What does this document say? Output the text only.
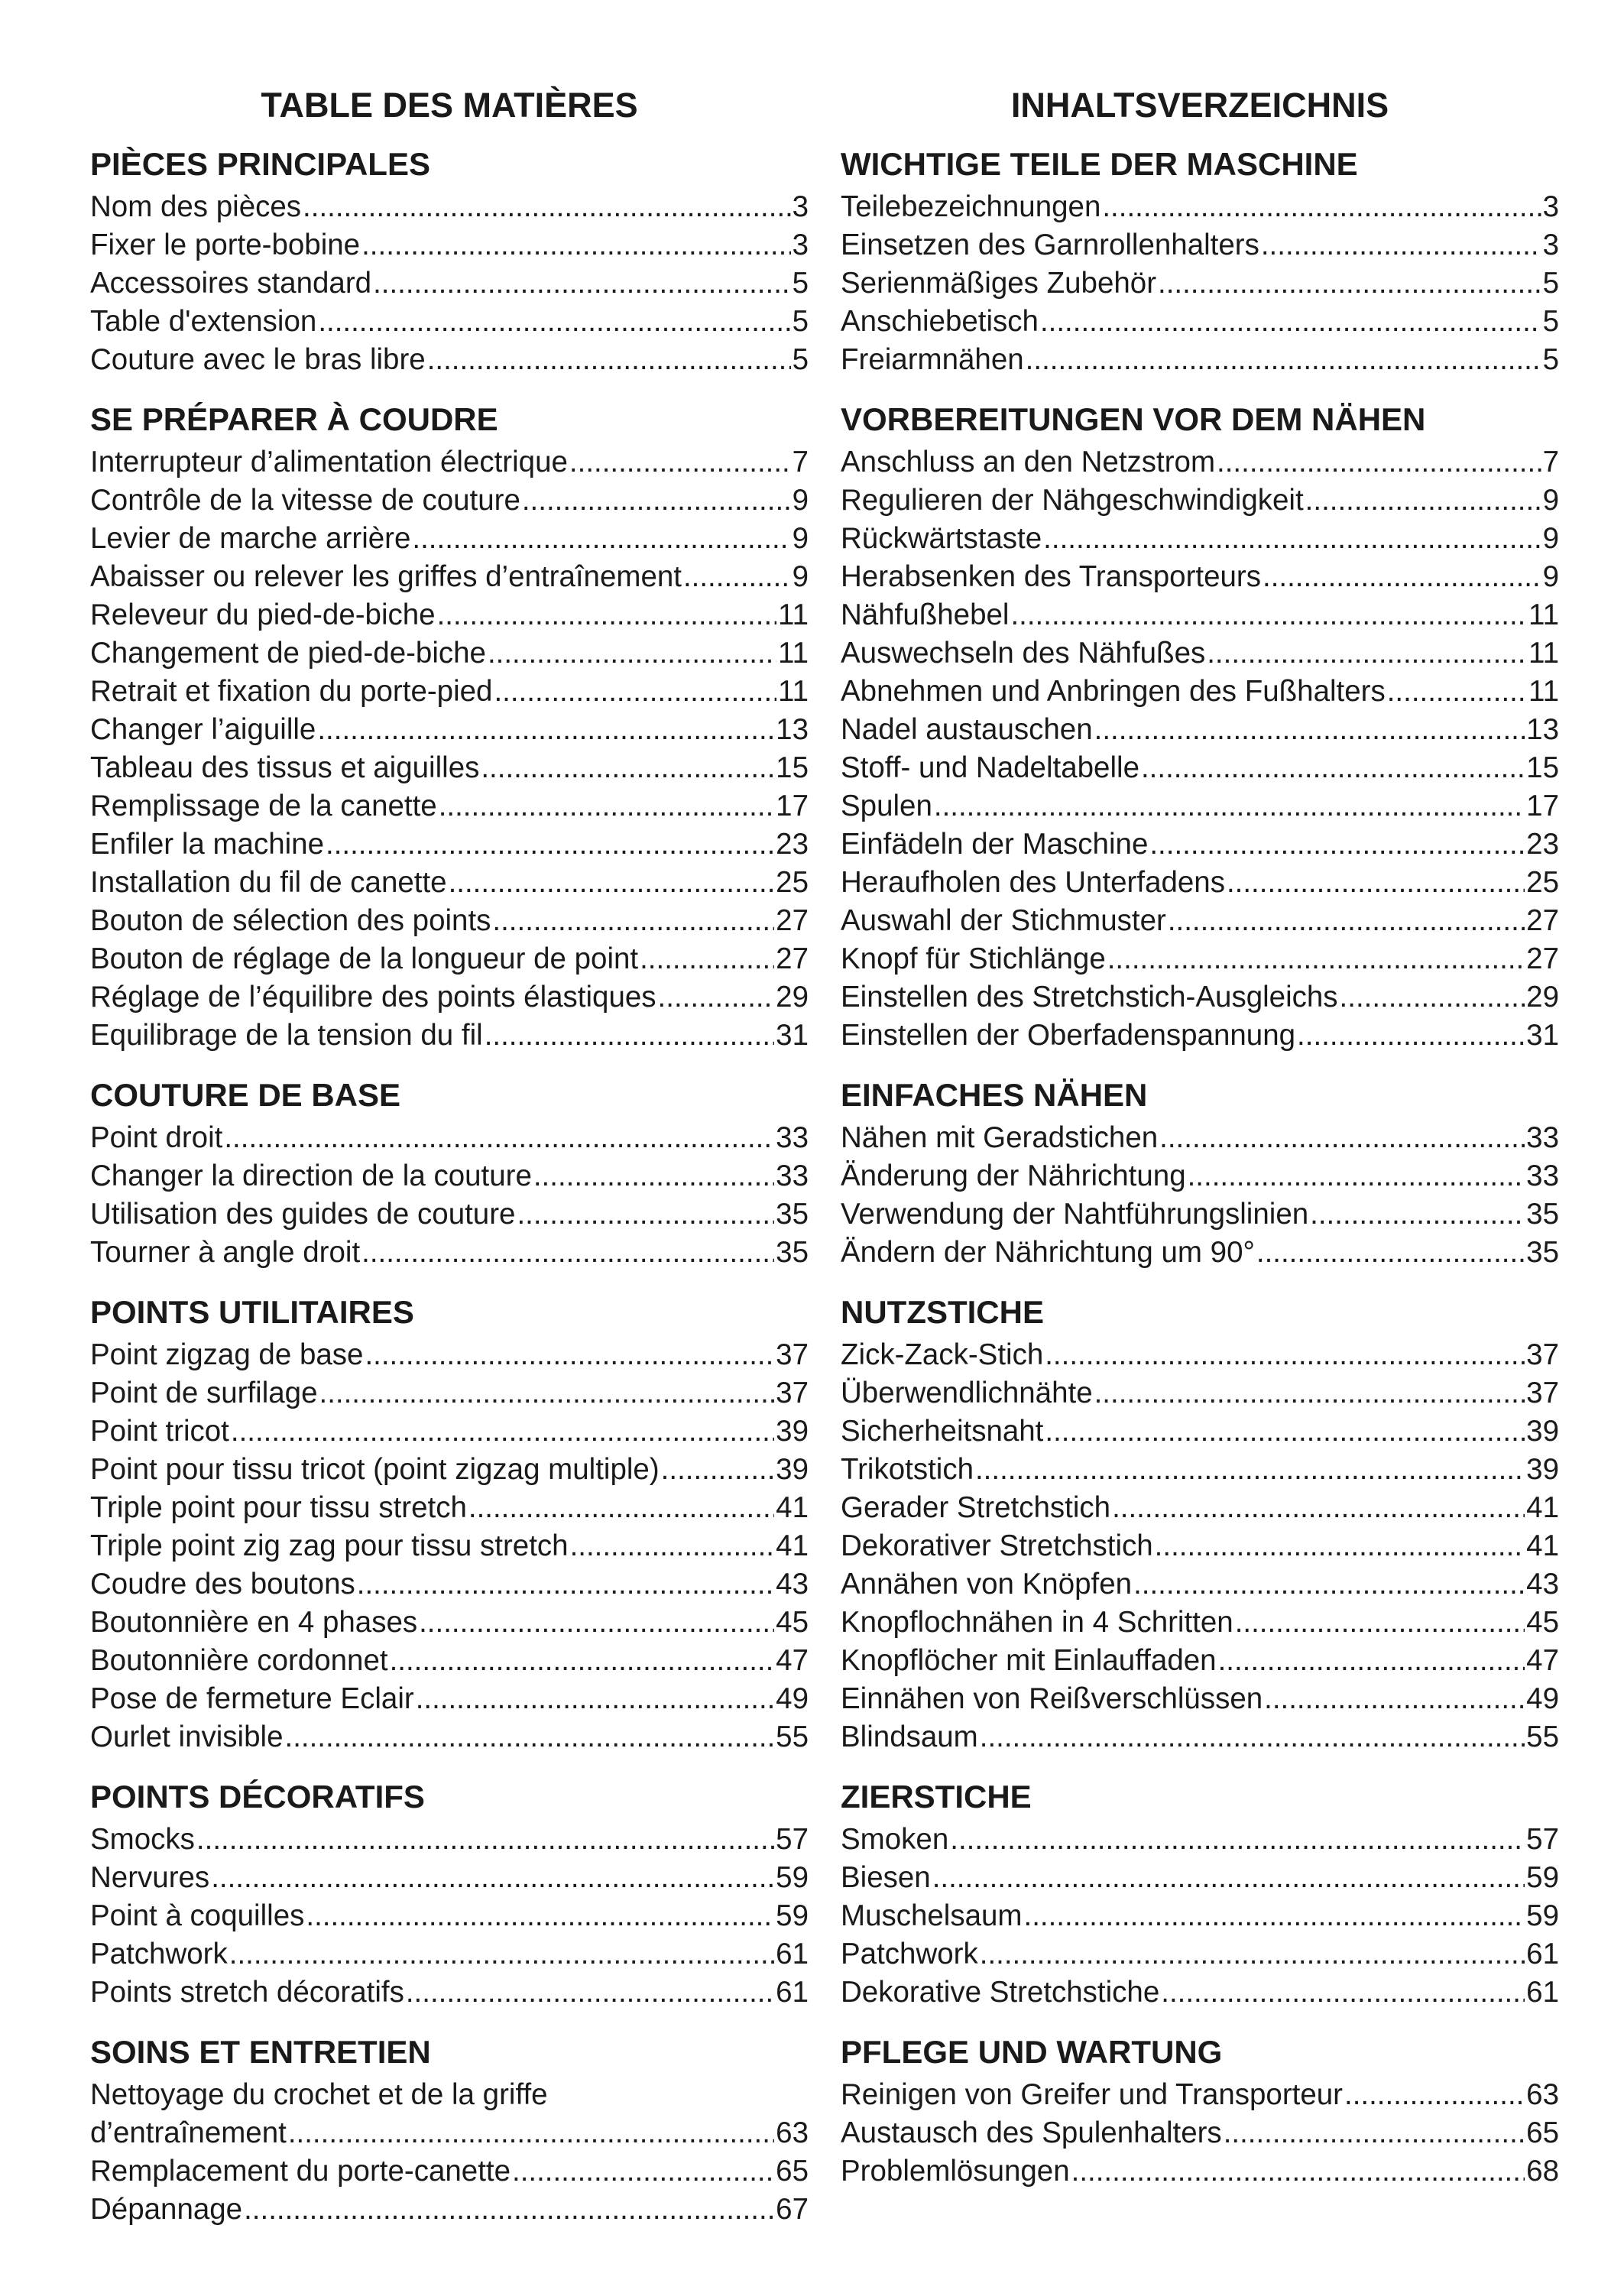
TABLE DES MATIÈRES
PIÈCES PRINCIPALES
Nom des pièces .....	3
Fixer le porte-bobine .....	3
Accessoires standard .....	5
Table d'extension .....	5
Couture avec le bras libre .....	5
SE PRÉPARER À COUDRE
Interrupteur d’alimentation électrique .....	7
Contrôle de la vitesse de couture .....	9
Levier de marche arrière .....	9
Abaisser ou relever les griffes d’entraînement .....	9
Releveur du pied-de-biche .....	11
Changement de pied-de-biche .....	11
Retrait et fixation du porte-pied .....	11
Changer l’aiguille .....	13
Tableau des tissus et aiguilles .....	15
Remplissage de la canette .....	17
Enfiler la machine .....	23
Installation du fil de canette .....	25
Bouton de sélection des points .....	27
Bouton de réglage de la longueur de point .....	27
Réglage de l’équilibre des points élastiques .....	29
Equilibrage de la tension du fil .....	31
COUTURE DE BASE
Point droit .....	33
Changer la direction de la couture .....	33
Utilisation des guides de couture .....	35
Tourner à angle droit .....	35
POINTS UTILITAIRES
Point zigzag de base .....	37
Point de surfilage .....	37
Point tricot .....	39
Point pour tissu tricot (point zigzag multiple) .....	39
Triple point pour tissu stretch .....	41
Triple point zig zag pour tissu stretch .....	41
Coudre des boutons .....	43
Boutonnière en 4 phases .....	45
Boutonnière cordonnet .....	47
Pose de fermeture Eclair .....	49
Ourlet invisible .....	55
POINTS DÉCORATIFS
Smocks .....	57
Nervures .....	59
Point à coquilles .....	59
Patchwork .....	61
Points stretch décoratifs .....	61
SOINS ET ENTRETIEN
Nettoyage du crochet et de la griffe
d’entraînement .....	63
Remplacement du porte-canette .....	65
Dépannage .....	67
INHALTSVERZEICHNIS
WICHTIGE TEILE DER MASCHINE
Teilebezeichnungen .....	3
Einsetzen des Garnrollenhalters .....	3
Serienmäßiges Zubehör .....	5
Anschiebetisch .....	5
Freiarmnähen .....	5
VORBEREITUNGEN VOR DEM NÄHEN
Anschluss an den Netzstrom .....	7
Regulieren der Nähgeschwindigkeit .....	9
Rückwärtstaste .....	9
Herabsenken des Transporteurs .....	9
Nähfußhebel .....	11
Auswechseln des Nähfußes .....	11
Abnehmen und Anbringen des Fußhalters .....	11
Nadel austauschen .....	13
Stoff- und Nadeltabelle .....	15
Spulen .....	17
Einfädeln der Maschine .....	23
Heraufholen des Unterfadens .....	25
Auswahl der Stichmuster .....	27
Knopf für Stichlänge .....	27
Einstellen des Stretchstich-Ausgleichs .....	29
Einstellen der Oberfadenspannung .....	31
EINFACHES NÄHEN
Nähen mit Geradstichen .....	33
Änderung der Nährichtung .....	33
Verwendung der Nahtführungslinien .....	35
Ändern der Nährichtung um 90° .....	35
NUTZSTICHE
Zick-Zack-Stich .....	37
Überwendlichnähte .....	37
Sicherheitsnaht .....	39
Trikotstich .....	39
Gerader Stretchstich .....	41
Dekorativer Stretchstich .....	41
Annähen von Knöpfen .....	43
Knopflochnähen in 4 Schritten .....	45
Knopflöcher mit Einlauffaden .....	47
Einnähen von Reißverschlüssen .....	49
Blindsaum .....	55
ZIERSTICHE
Smoken .....	57
Biesen .....	59
Muschelsaum .....	59
Patchwork .....	61
Dekorative Stretchstiche .....	61
PFLEGE UND WARTUNG
Reinigen von Greifer und Transporteur .....	63
Austausch des Spulenhalters .....	65
Problemlösungen .....	68
